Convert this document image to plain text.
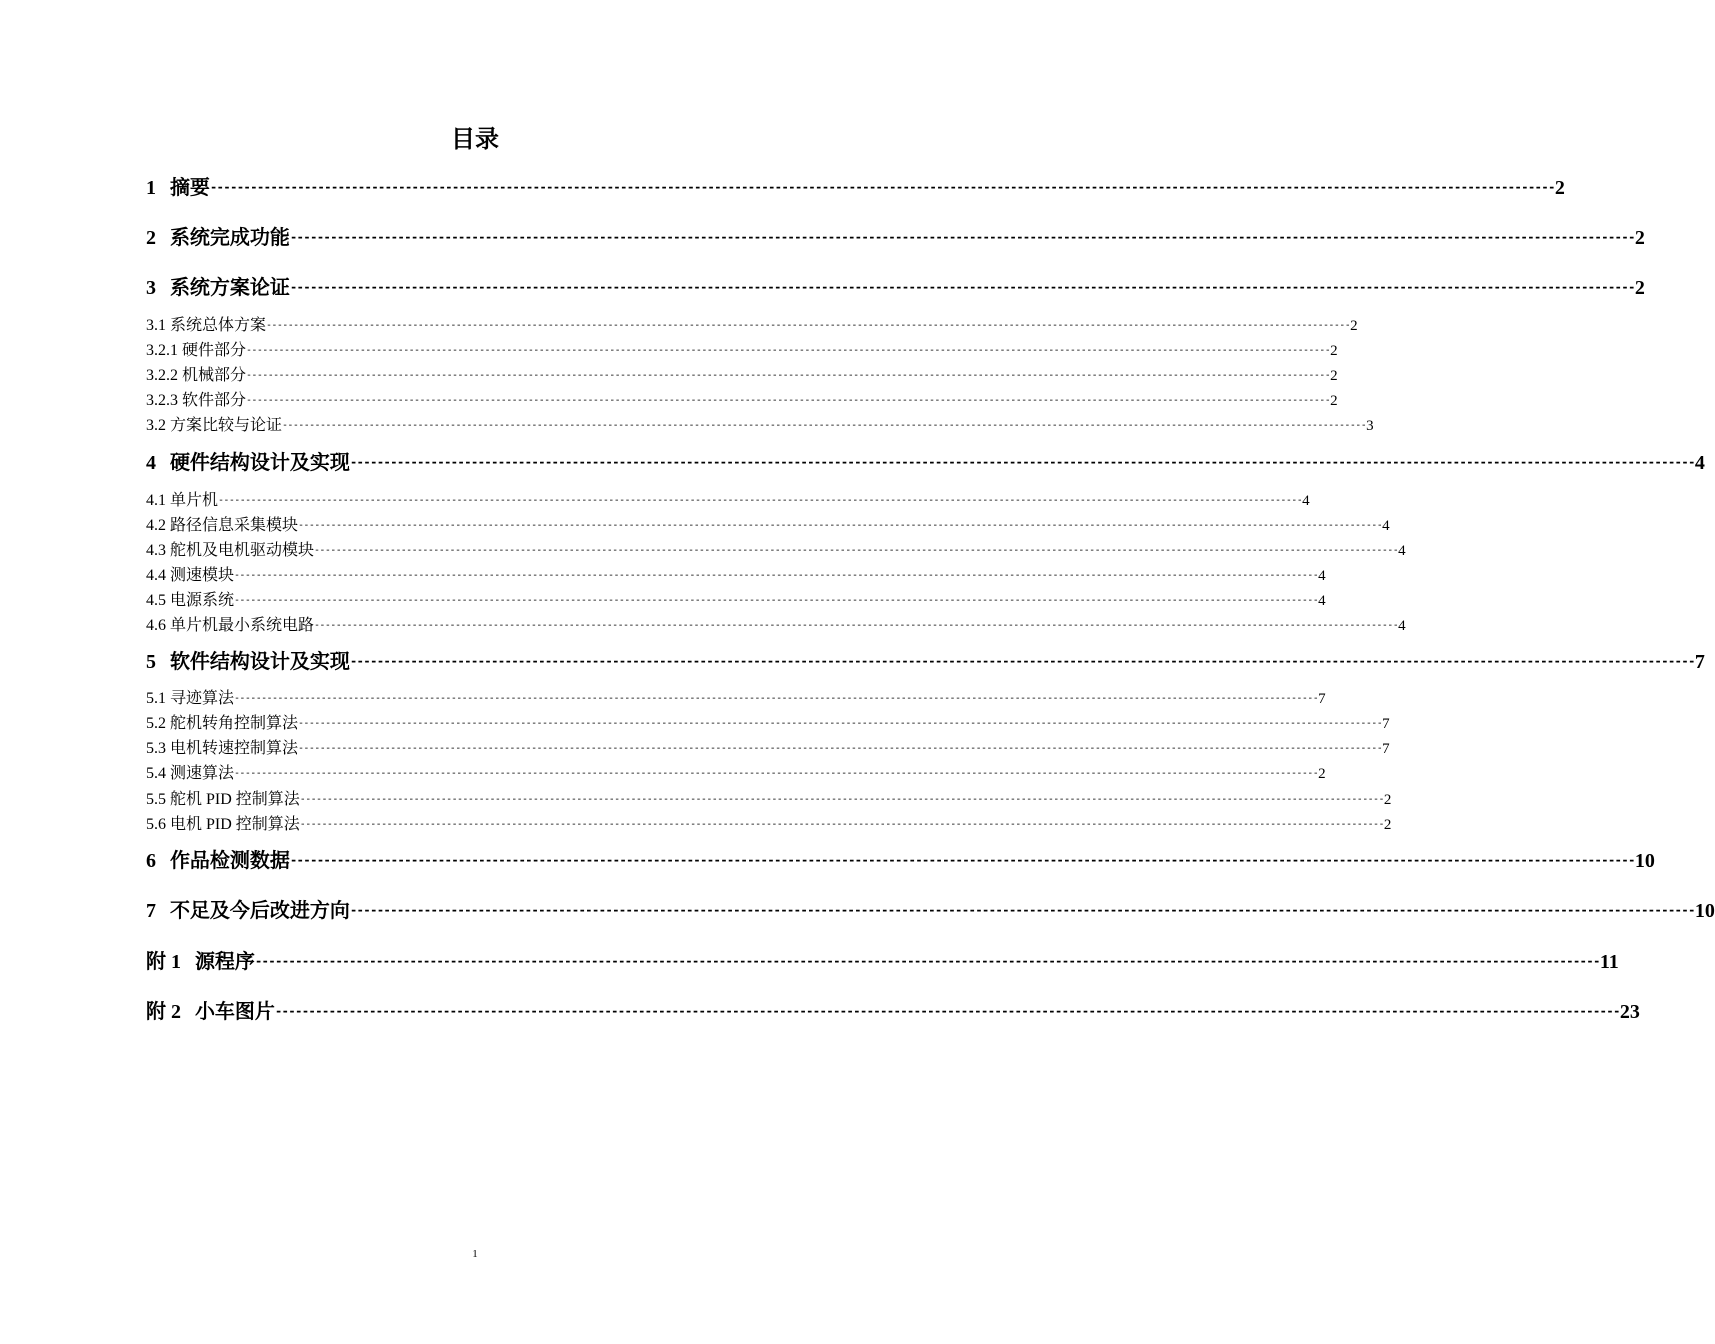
目录
1 摘要 -------------------------------------------------------------------------------------------------------------------------------------------------------------------------------------------------------- 2
2 系统完成功能 -------------------------------------------------------------------------------------------------------------------------------------------------------------------------------------------------------- 2
3 系统方案论证 -------------------------------------------------------------------------------------------------------------------------------------------------------------------------------------------------------- 2
3.1 系统总体方案 -------------------------------------------------------------------------------------------------------------------------------------------------------------------------------------------------------- 2
3.2.1 硬件部分 -------------------------------------------------------------------------------------------------------------------------------------------------------------------------------------------------------- 2
3.2.2 机械部分 -------------------------------------------------------------------------------------------------------------------------------------------------------------------------------------------------------- 2
3.2.3 软件部分 -------------------------------------------------------------------------------------------------------------------------------------------------------------------------------------------------------- 2
3.2 方案比较与论证 -------------------------------------------------------------------------------------------------------------------------------------------------------------------------------------------------------- 3
4 硬件结构设计及实现 -------------------------------------------------------------------------------------------------------------------------------------------------------------------------------------------------------- 4
4.1 单片机 -------------------------------------------------------------------------------------------------------------------------------------------------------------------------------------------------------- 4
4.2 路径信息采集模块 -------------------------------------------------------------------------------------------------------------------------------------------------------------------------------------------------------- 4
4.3 舵机及电机驱动模块 -------------------------------------------------------------------------------------------------------------------------------------------------------------------------------------------------------- 4
4.4 测速模块 -------------------------------------------------------------------------------------------------------------------------------------------------------------------------------------------------------- 4
4.5 电源系统 -------------------------------------------------------------------------------------------------------------------------------------------------------------------------------------------------------- 4
4.6 单片机最小系统电路 -------------------------------------------------------------------------------------------------------------------------------------------------------------------------------------------------------- 4
5 软件结构设计及实现 -------------------------------------------------------------------------------------------------------------------------------------------------------------------------------------------------------- 7
5.1 寻迹算法 -------------------------------------------------------------------------------------------------------------------------------------------------------------------------------------------------------- 7
5.2 舵机转角控制算法 -------------------------------------------------------------------------------------------------------------------------------------------------------------------------------------------------------- 7
5.3 电机转速控制算法 -------------------------------------------------------------------------------------------------------------------------------------------------------------------------------------------------------- 7
5.4 测速算法 -------------------------------------------------------------------------------------------------------------------------------------------------------------------------------------------------------- 2
5.5 舵机 PID 控制算法 -------------------------------------------------------------------------------------------------------------------------------------------------------------------------------------------------------- 2
5.6 电机 PID 控制算法 -------------------------------------------------------------------------------------------------------------------------------------------------------------------------------------------------------- 2
6 作品检测数据 -------------------------------------------------------------------------------------------------------------------------------------------------------------------------------------------------------- 10
7 不足及今后改进方向 -------------------------------------------------------------------------------------------------------------------------------------------------------------------------------------------------------- 10
附 1 源程序 -------------------------------------------------------------------------------------------------------------------------------------------------------------------------------------------------------- 11
附 2 小车图片 -------------------------------------------------------------------------------------------------------------------------------------------------------------------------------------------------------- 23
1
